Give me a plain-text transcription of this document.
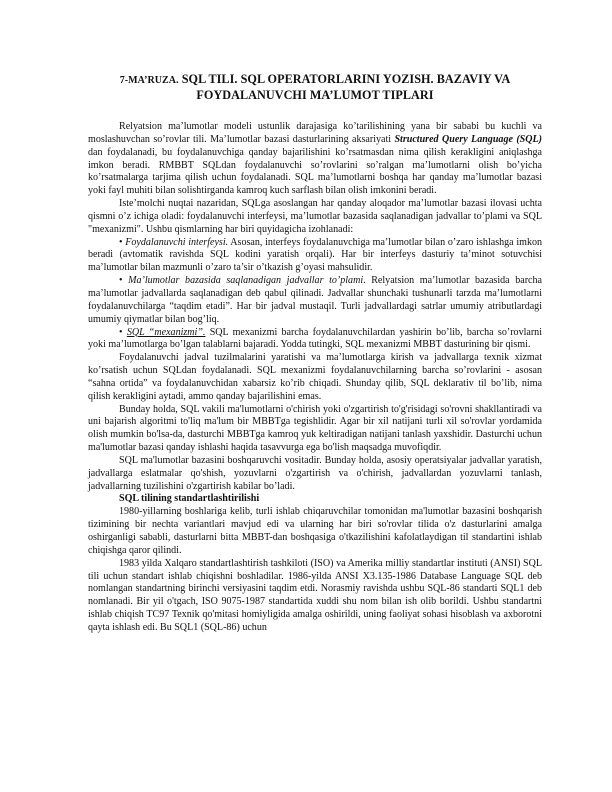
7-MA’RUZA. SQL TILI. SQL OPERATORLARINI YOZISH. BAZAVIY VA FOYDALANUVCHI MA’LUMOT TIPLARI

Relyatsion ma’lumotlar modeli ustunlik darajasiga ko’tarilishining yana bir sababi bu kuchli va moslashuvchan so’rovlar tili. Ma’lumotlar bazasi dasturlarining aksariyati Structured Query Language (SQL) dan foydalanadi, bu foydalanuvchiga qanday bajarilishini ko’rsatmasdan nima qilish kerakligini aniqlashga imkon beradi. RMBBT SQLdan foydalanuvchi so’rovlarini so’ralgan ma’lumotlarni olish bo’yicha ko’rsatmalarga tarjima qilish uchun foydalanadi. SQL ma’lumotlarni boshqa har qanday ma’lumotlar bazasi yoki fayl muhiti bilan solishtirganda kamroq kuch sarflash bilan olish imkonini beradi.

Iste’molchi nuqtai nazaridan, SQLga asoslangan har qanday aloqador ma’lumotlar bazasi ilovasi uchta qismni o’z ichiga oladi: foydalanuvchi interfeysi, ma’lumotlar bazasida saqlanadigan jadvallar to’plami va SQL "mexanizmi". Ushbu qismlarning har biri quyidagicha izohlanadi:

• Foydalanuvchi interfeysi. Asosan, interfeys foydalanuvchiga ma’lumotlar bilan o’zaro ishlashga imkon beradi (avtomatik ravishda SQL kodini yaratish orqali). Har bir interfeys dasturiy ta’minot sotuvchisi ma’lumotlar bilan mazmunli o’zaro ta’sir o’tkazish g’oyasi mahsulidir.

• Ma’lumotlar bazasida saqlanadigan jadvallar to’plami. Relyatsion ma’lumotlar bazasida barcha ma’lumotlar jadvallarda saqlanadigan deb qabul qilinadi. Jadvallar shunchaki tushunarli tarzda ma’lumotlarni foydalanuvchilarga “taqdim etadi”. Har bir jadval mustaqil. Turli jadvallardagi satrlar umumiy atributlardagi umumiy qiymatlar bilan bog’liq.

• SQL “mexanizmi”. SQL mexanizmi barcha foydalanuvchilardan yashirin bo’lib, barcha so’rovlarni yoki ma’lumotlarga bo’lgan talablarni bajaradi. Yodda tutingki, SQL mexanizmi MBBT dasturining bir qismi.

Foydalanuvchi jadval tuzilmalarini yaratishi va ma’lumotlarga kirish va jadvallarga texnik xizmat ko’rsatish uchun SQLdan foydalanadi. SQL mexanizmi foydalanuvchilarning barcha so’rovlarini - asosan “sahna ortida” va foydalanuvchidan xabarsiz ko’rib chiqadi. Shunday qilib, SQL deklarativ til bo’lib, nima qilish kerakligini aytadi, ammo qanday bajarilishini emas.

Bunday holda, SQL vakili ma'lumotlarni o'chirish yoki o'zgartirish to'g'risidagi so'rovni shakllantiradi va uni bajarish algoritmi to'liq ma'lum bir MBBTga tegishlidir. Agar bir xil natijani turli xil so'rovlar yordamida olish mumkin bo'lsa-da, dasturchi MBBTga kamroq yuk keltiradigan natijani tanlash yaxshidir. Dasturchi uchun ma'lumotlar bazasi qanday ishlashi haqida tasavvurga ega bo'lish maqsadga muvofiqdir.

SQL ma'lumotlar bazasini boshqaruvchi vositadir. Bunday holda, asosiy operatsiyalar jadvallar yaratish, jadvallarga eslatmalar qo'shish, yozuvlarni o'zgartirish va o'chirish, jadvallardan yozuvlarni tanlash, jadvallarning tuzilishini o'zgartirish kabilar bo’ladi.

SQL tilining standartlashtirilishi

1980-yillarning boshlariga kelib, turli ishlab chiqaruvchilar tomonidan ma'lumotlar bazasini boshqarish tizimining bir nechta variantlari mavjud edi va ularning har biri so'rovlar tilida o'z dasturlarini amalga oshirganligi sababli, dasturlarni bitta MBBT-dan boshqasiga o'tkazilishini kafolatlaydigan til standartini ishlab chiqishga qaror qilindi.

1983 yilda Xalqaro standartlashtirish tashkiloti (ISO) va Amerika milliy standartlar instituti (ANSI) SQL tili uchun standart ishlab chiqishni boshladilar. 1986-yilda ANSI X3.135-1986 Database Language SQL deb nomlangan standartning birinchi versiyasini taqdim etdi. Norasmiy ravishda ushbu SQL-86 standarti SQL1 deb nomlanadi. Bir yil o'tgach, ISO 9075-1987 standartida xuddi shu nom bilan ish olib borildi. Ushbu standartni ishlab chiqish TC97 Texnik qo'mitasi homiyligida amalga oshirildi, uning faoliyat sohasi hisoblash va axborotni qayta ishlash edi. Bu SQL1 (SQL-86) uchun
